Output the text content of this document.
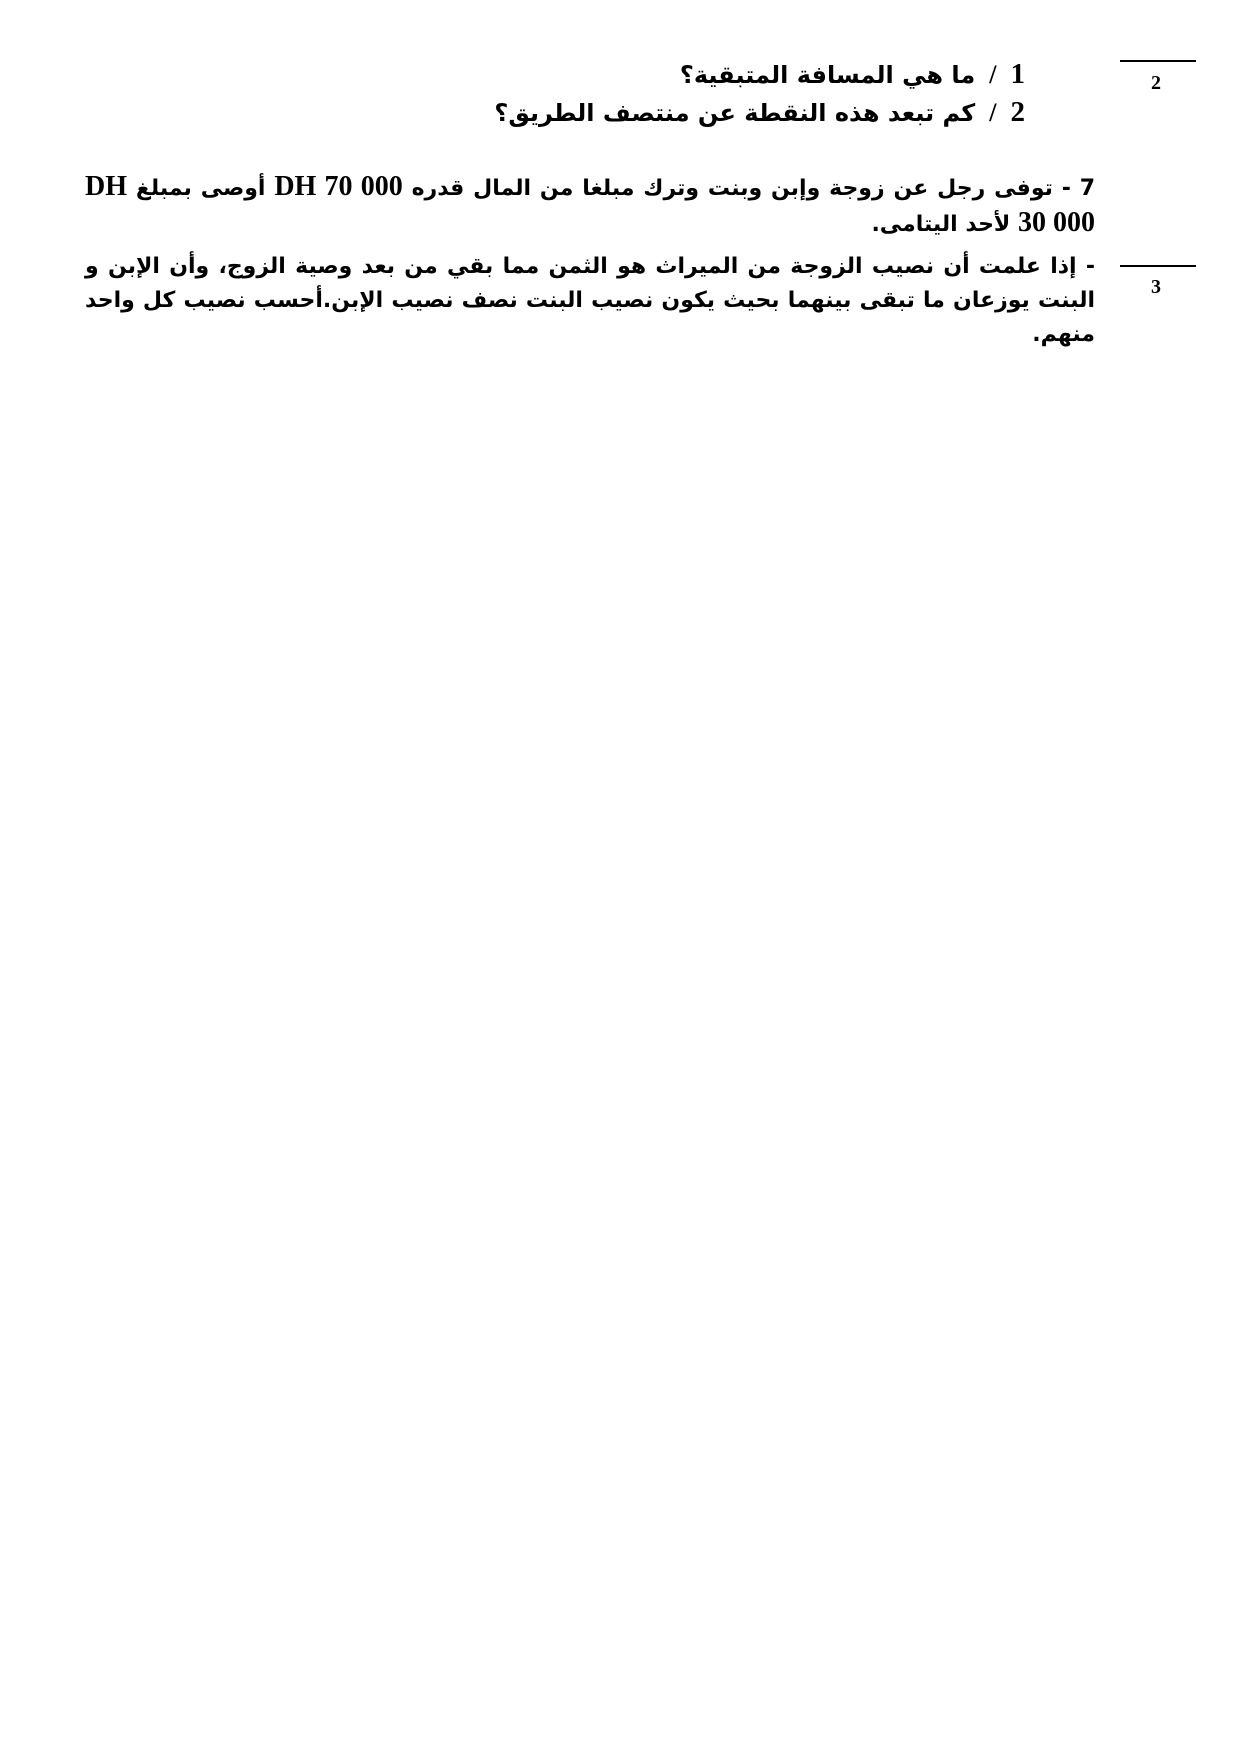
2
3
1/ما هي المسافة المتبقية؟
2/كم تبعد هذه النقطة عن منتصف الطريق؟
7 - توفى رجل عن زوجة وإبن وبنت وترك مبلغا من المال قدره DH 70 000 أوصى بمبلغ DH 30 000 لأحد اليتامى.
- إذا علمت أن نصيب الزوجة من الميراث هو الثمن مما بقي من بعد وصية الزوج، وأن الإبن و البنت يوزعان ما تبقى بينهما بحيث يكون نصيب البنت نصف نصيب الإبن.أحسب نصيب كل واحد منهم.
